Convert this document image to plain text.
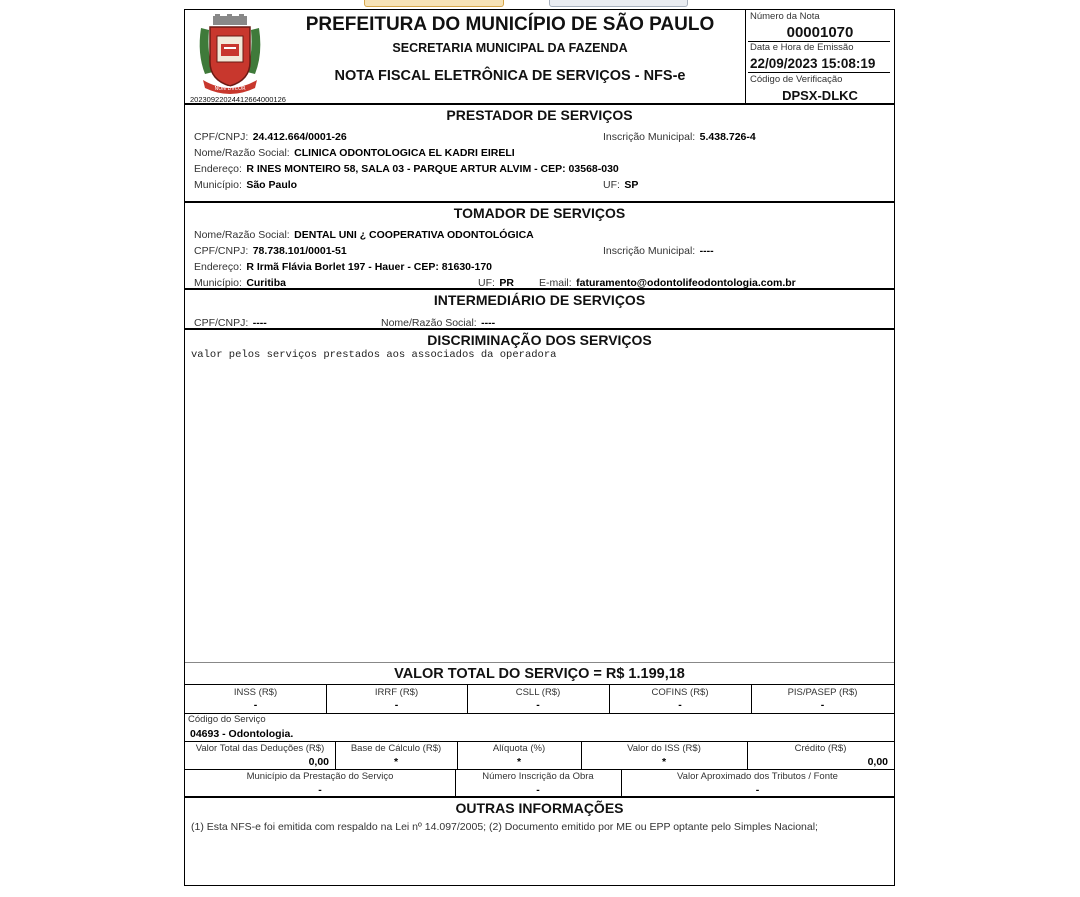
NON DVCOR
20230922024412664000126
PREFEITURA DO MUNICÍPIO DE SÃO PAULO
SECRETARIA MUNICIPAL DA FAZENDA
NOTA FISCAL ELETRÔNICA DE SERVIÇOS - NFS-e
Número da Nota
00001070
Data e Hora de Emissão
22/09/2023 15:08:19
Código de Verificação
DPSX-DLKC
PRESTADOR DE SERVIÇOS
CPF/CNPJ: 24.412.664/0001-26	Inscrição Municipal: 5.438.726-4
Nome/Razão Social: CLINICA ODONTOLOGICA EL KADRI EIRELI
Endereço: R INES MONTEIRO 58, SALA 03 - PARQUE ARTUR ALVIM - CEP: 03568-030
Município: São Paulo	UF: SP
TOMADOR DE SERVIÇOS
Nome/Razão Social: DENTAL UNI ¿ COOPERATIVA ODONTOLÓGICA
CPF/CNPJ: 78.738.101/0001-51	Inscrição Municipal: ----
Endereço: R Irmã Flávia Borlet 197 - Hauer - CEP: 81630-170
Município: Curitiba	UF: PR E-mail: faturamento@odontolifeodontologia.com.br
INTERMEDIÁRIO DE SERVIÇOS
CPF/CNPJ: ----	Nome/Razão Social: ----
DISCRIMINAÇÃO DOS SERVIÇOS
valor pelos serviços prestados aos associados da operadora
VALOR TOTAL DO SERVIÇO = R$ 1.199,18
INSS (R$)	IRRF (R$)	CSLL (R$)	COFINS (R$)	PIS/PASEP (R$)
-	-	-	-	-
Código do Serviço
04693 - Odontologia.
Valor Total das Deduções (R$)	Base de Cálculo (R$)	Alíquota (%)	Valor do ISS (R$)	Crédito (R$)
0,00	*	*	*	0,00
Município da Prestação do Serviço	Número Inscrição da Obra	Valor Aproximado dos Tributos / Fonte
-	-	-
OUTRAS INFORMAÇÕES
(1) Esta NFS-e foi emitida com respaldo na Lei nº 14.097/2005; (2) Documento emitido por ME ou EPP optante pelo Simples Nacional;
